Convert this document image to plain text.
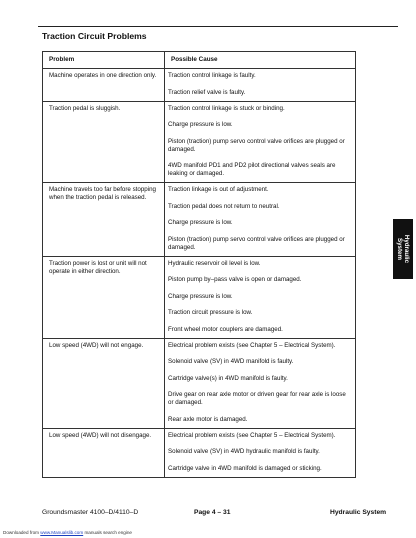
Traction Circuit Problems
Problem	Possible Cause
Machine operates in one direction only.	Traction control linkage is faulty.
Traction relief valve is faulty.

Traction pedal is sluggish.	Traction control linkage is stuck or binding.
Charge pressure is low.
Piston (traction) pump servo control valve orifices are plugged or damaged.
4WD manifold PD1 and PD2 pilot directional valves seals are leaking or damaged.

Machine travels too far before stopping when the traction pedal is released.	Traction linkage is out of adjustment.
Traction pedal does not return to neutral.
Charge pressure is low.
Piston (traction) pump servo control valve orifices are plugged or damaged.

Traction power is lost or unit will not operate in either direction.	Hydraulic reservoir oil level is low.
Piston pump by–pass valve is open or damaged.
Charge pressure is low.
Traction circuit pressure is low.
Front wheel motor couplers are damaged.

Low speed (4WD) will not engage.	Electrical problem exists (see Chapter 5 – Electrical System).
Solenoid valve (SV) in 4WD manifold is faulty.
Cartridge valve(s) in 4WD manifold is faulty.
Drive gear on rear axle motor or driven gear for rear axle is loose or damaged.
Rear axle motor is damaged.

Low speed (4WD) will not disengage.	Electrical problem exists (see Chapter 5 – Electrical System).
Solenoid valve (SV) in 4WD hydraulic manifold is faulty.
Cartridge valve in 4WD manifold is damaged or sticking.
Hydraulic
System
Groundsmaster 4100–D/4110–D	Page 4 – 31	Hydraulic System
Downloaded from www.Manualslib.com manuals search engine
